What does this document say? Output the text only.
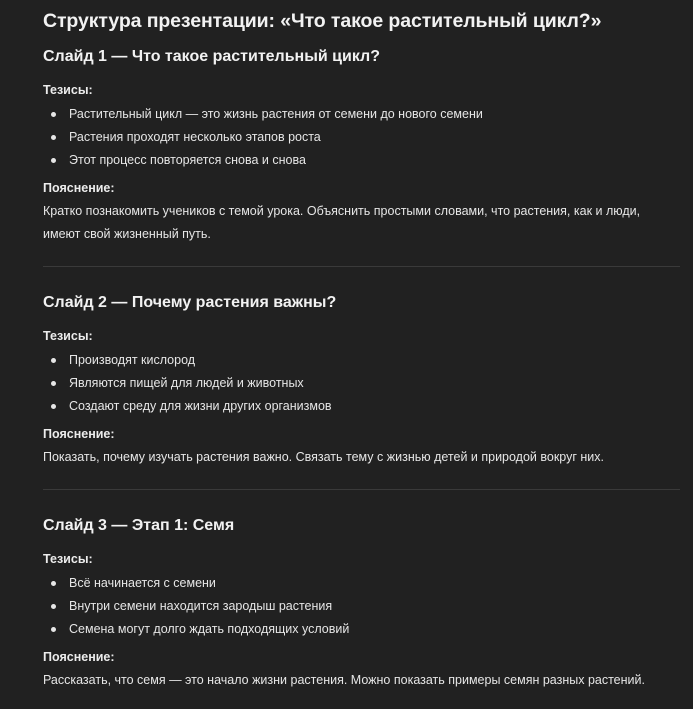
Структура презентации: «Что такое растительный цикл?»
Слайд 1 — Что такое растительный цикл?

Тезисы:

Растительный цикл — это жизнь растения от семени до нового семени
Растения проходят несколько этапов роста
Этот процесс повторяется снова и снова

Пояснение:

Кратко познакомить учеников с темой урока. Объяснить простыми словами, что растения, как и люди, имеют свой жизненный путь.

Слайд 2 — Почему растения важны?

Тезисы:

Производят кислород
Являются пищей для людей и животных
Создают среду для жизни других организмов

Пояснение:

Показать, почему изучать растения важно. Связать тему с жизнью детей и природой вокруг них.

Слайд 3 — Этап 1: Семя

Тезисы:

Всё начинается с семени
Внутри семени находится зародыш растения
Семена могут долго ждать подходящих условий

Пояснение:

Рассказать, что семя — это начало жизни растения. Можно показать примеры семян разных растений.
